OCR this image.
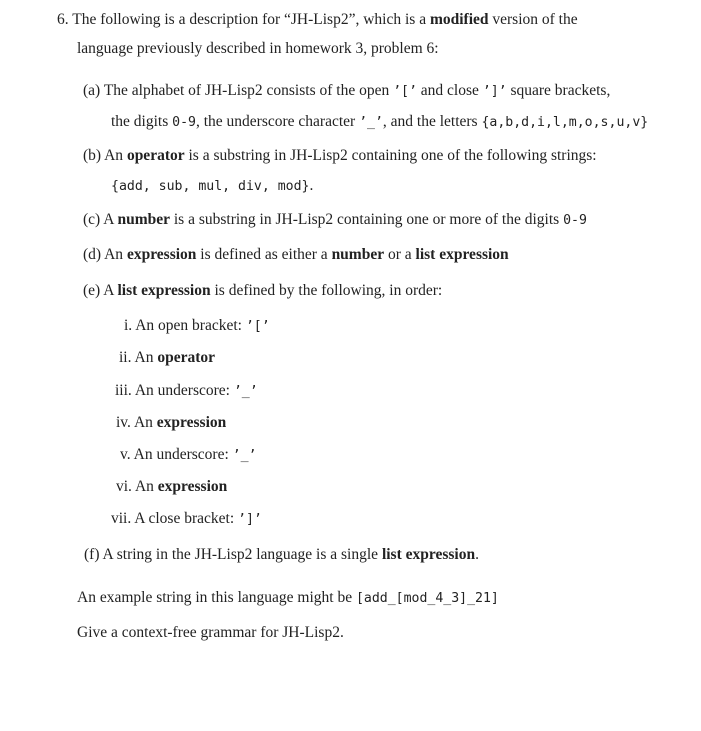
6. The following is a description for “JH-Lisp2”, which is a modified version of the
language previously described in homework 3, problem 6:
(a) The alphabet of JH-Lisp2 consists of the open ’[’ and close ’]’ square brackets,
the digits 0-9, the underscore character ’_’, and the letters {a,b,d,i,l,m,o,s,u,v}
(b) An operator is a substring in JH-Lisp2 containing one of the following strings:
{add, sub, mul, div, mod}.
(c) A number is a substring in JH-Lisp2 containing one or more of the digits 0-9
(d) An expression is defined as either a number or a list expression
(e) A list expression is defined by the following, in order:
i. An open bracket: ’[’
ii. An operator
iii. An underscore: ’_’
iv. An expression
v. An underscore: ’_’
vi. An expression
vii. A close bracket: ’]’
(f) A string in the JH-Lisp2 language is a single list expression.
An example string in this language might be [add_[mod_4_3]_21]
Give a context-free grammar for JH-Lisp2.
